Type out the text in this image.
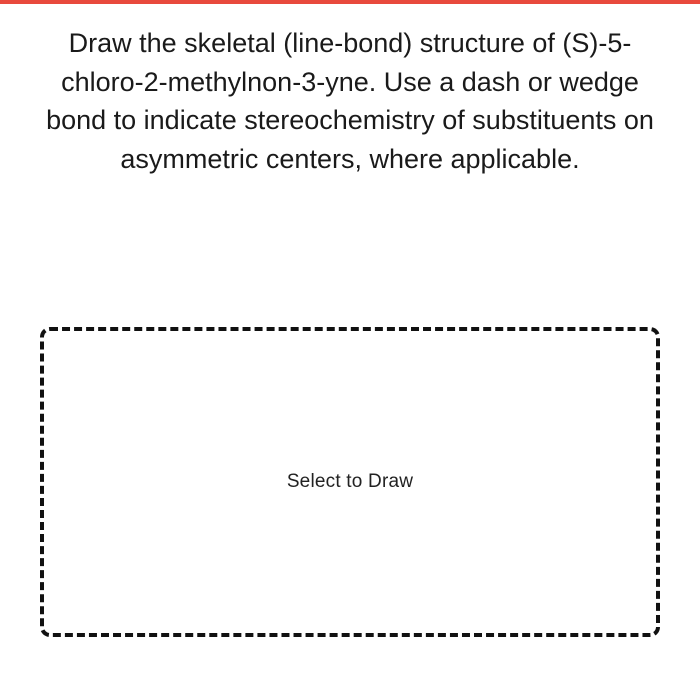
Draw the skeletal (line-bond) structure of (S)-5-chloro-2-methylnon-3-yne. Use a dash or wedge bond to indicate stereochemistry of substituents on asymmetric centers, where applicable.

Select to Draw
